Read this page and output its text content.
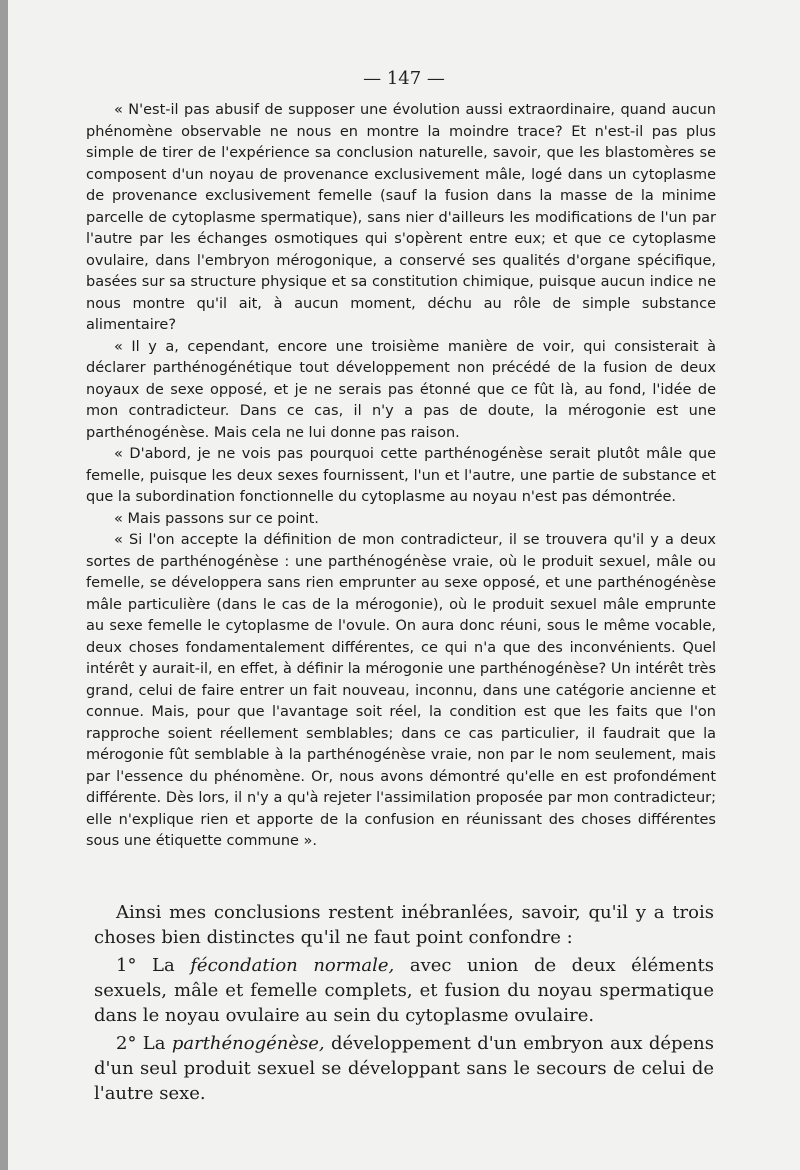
— 147 —

« N'est-il pas abusif de supposer une évolution aussi extraordinaire, quand aucun phénomène observable ne nous en montre la moindre trace? Et n'est-il pas plus simple de tirer de l'expérience sa conclusion naturelle, savoir, que les blastomères se composent d'un noyau de provenance exclusivement mâle, logé dans un cytoplasme de provenance exclusivement femelle (sauf la fusion dans la masse de la minime parcelle de cytoplasme spermatique), sans nier d'ailleurs les modifications de l'un par l'autre par les échanges osmotiques qui s'opèrent entre eux; et que ce cytoplasme ovulaire, dans l'embryon mérogonique, a conservé ses qualités d'organe spécifique, basées sur sa structure physique et sa constitution chimique, puisque aucun indice ne nous montre qu'il ait, à aucun moment, déchu au rôle de simple substance alimentaire?

« Il y a, cependant, encore une troisième manière de voir, qui consisterait à déclarer parthénogénétique tout développement non précédé de la fusion de deux noyaux de sexe opposé, et je ne serais pas étonné que ce fût là, au fond, l'idée de mon contradicteur. Dans ce cas, il n'y a pas de doute, la mérogonie est une parthénogénèse. Mais cela ne lui donne pas raison.

« D'abord, je ne vois pas pourquoi cette parthénogénèse serait plutôt mâle que femelle, puisque les deux sexes fournissent, l'un et l'autre, une partie de substance et que la subordination fonctionnelle du cytoplasme au noyau n'est pas démontrée.

« Mais passons sur ce point.

« Si l'on accepte la définition de mon contradicteur, il se trouvera qu'il y a deux sortes de parthénogénèse : une parthénogénèse vraie, où le produit sexuel, mâle ou femelle, se développera sans rien emprunter au sexe opposé, et une parthénogénèse mâle particulière (dans le cas de la mérogonie), où le produit sexuel mâle emprunte au sexe femelle le cytoplasme de l'ovule. On aura donc réuni, sous le même vocable, deux choses fondamentalement différentes, ce qui n'a que des inconvénients. Quel intérêt y aurait-il, en effet, à définir la mérogonie une parthénogénèse? Un intérêt très grand, celui de faire entrer un fait nouveau, inconnu, dans une catégorie ancienne et connue. Mais, pour que l'avantage soit réel, la condition est que les faits que l'on rapproche soient réellement semblables; dans ce cas particulier, il faudrait que la mérogonie fût semblable à la parthénogénèse vraie, non par le nom seulement, mais par l'essence du phénomène. Or, nous avons démontré qu'elle en est profondément différente. Dès lors, il n'y a qu'à rejeter l'assimilation proposée par mon contradicteur; elle n'explique rien et apporte de la confusion en réunissant des choses différentes sous une étiquette commune ».

Ainsi mes conclusions restent inébranlées, savoir, qu'il y a trois choses bien distinctes qu'il ne faut point confondre :

1° La fécondation normale, avec union de deux éléments sexuels, mâle et femelle complets, et fusion du noyau spermatique dans le noyau ovulaire au sein du cytoplasme ovulaire.

2° La parthénogénèse, développement d'un embryon aux dépens d'un seul produit sexuel se développant sans le secours de celui de l'autre sexe.
